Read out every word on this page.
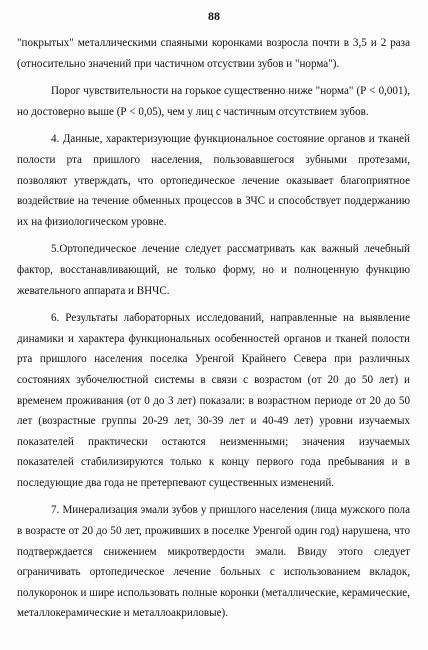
88

"покрытых" металлическими спаяными коронками возросла почти в 3,5 и 2 раза (относительно значений при частичном отсуствии зубов и "норма").

Порог чувствительности на горькое существенно ниже "норма" (Р < 0,001), но достоверно выше (Р < 0,05), чем у лиц с частичным отсутствием зубов.

4. Данные, характеризующие функциональное состояние органов и тканей полости рта пришлого населения, пользовавшегося зубными протезами, позволяют утверждать, что ортопедическое лечение оказывает благоприятное воздействие на течение обменных процессов в ЗЧС и способствует поддержанию их на физиологическом уровне.

5.Ортопедическое лечение следует рассматривать как важный лечебный фактор, восстанавливающий, не только форму, но и полноценную функцию жевательного аппарата и ВНЧС.

6. Результаты лабораторных исследований, направленные на выявление динамики и характера функциональных особенностей органов и тканей полости рта пришлого населения поселка Уренгой Крайнего Севера при различных состояниях зубочелюстной системы в связи с возрастом (от 20 до 50 лет) и временем проживания (от 0 до 3 лет) показали: в возрастном периоде от 20 до 50 лет (возрастные группы 20-29 лет, 30-39 лет и 40-49 лет) уровни изучаемых показателей практически остаются неизменными; значения изучаемых показателей стабилизируются только к концу первого года пребывания и в последующие два года не претерпевают существенных изменений.

7. Минерализация эмали зубов у пришлого населения (лица мужского пола в возрасте от 20 до 50 лет, проживших в поселке Уренгой один год) нарушена, что подтверждается снижением микротвердости эмали. Ввиду этого следует ограничивать ортопедическое лечение больных с использованием вкладок, полукоронок и шире использовать полные коронки (металлические, керамические, металлокерамические и металлоакриловые).
